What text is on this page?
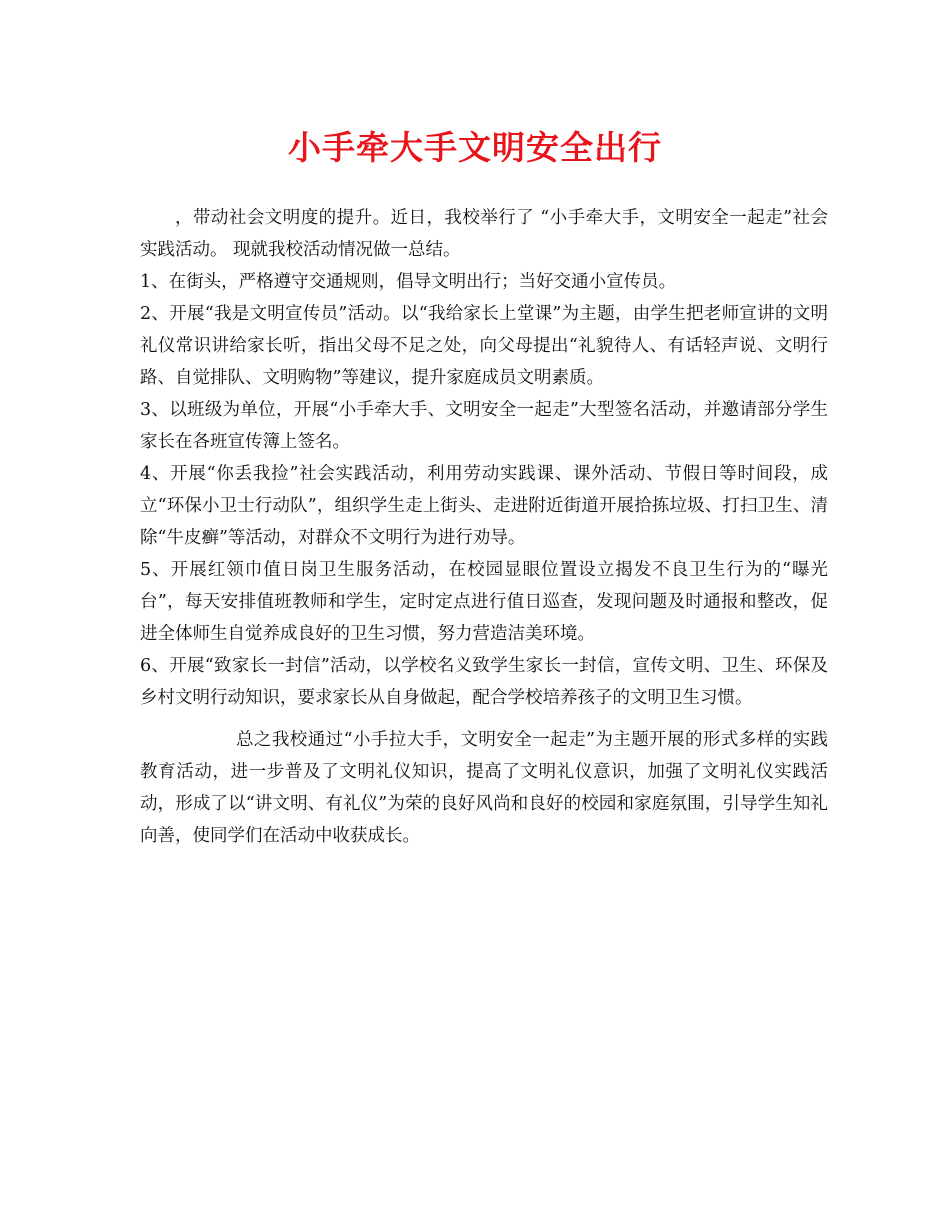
小手牵大手文明安全出行

，带动社会文明度的提升。近日，我校举行了 “小手牵大手，文明安全一起走”社会实践活动。 现就我校活动情况做一总结。

1、在街头，严格遵守交通规则，倡导文明出行；当好交通小宣传员。

2、开展“我是文明宣传员”活动。以“我给家长上堂课”为主题，由学生把老师宣讲的文明礼仪常识讲给家长听，指出父母不足之处，向父母提出“礼貌待人、有话轻声说、文明行路、自觉排队、文明购物”等建议，提升家庭成员文明素质。

3、以班级为单位，开展“小手牵大手、文明安全一起走”大型签名活动，并邀请部分学生家长在各班宣传簿上签名。

4、开展“你丢我捡”社会实践活动，利用劳动实践课、课外活动、节假日等时间段，成立“环保小卫士行动队”，组织学生走上街头、走进附近街道开展拾拣垃圾、打扫卫生、清除“牛皮癣”等活动，对群众不文明行为进行劝导。

5、开展红领巾值日岗卫生服务活动，在校园显眼位置设立揭发不良卫生行为的“曝光台”，每天安排值班教师和学生，定时定点进行值日巡查，发现问题及时通报和整改，促进全体师生自觉养成良好的卫生习惯，努力营造洁美环境。

6、开展“致家长一封信”活动，以学校名义致学生家长一封信，宣传文明、卫生、环保及乡村文明行动知识，要求家长从自身做起，配合学校培养孩子的文明卫生习惯。

总之我校通过“小手拉大手，文明安全一起走”为主题开展的形式多样的实践教育活动，进一步普及了文明礼仪知识，提高了文明礼仪意识，加强了文明礼仪实践活动，形成了以“讲文明、有礼仪”为荣的良好风尚和良好的校园和家庭氛围，引导学生知礼向善，使同学们在活动中收获成长。
